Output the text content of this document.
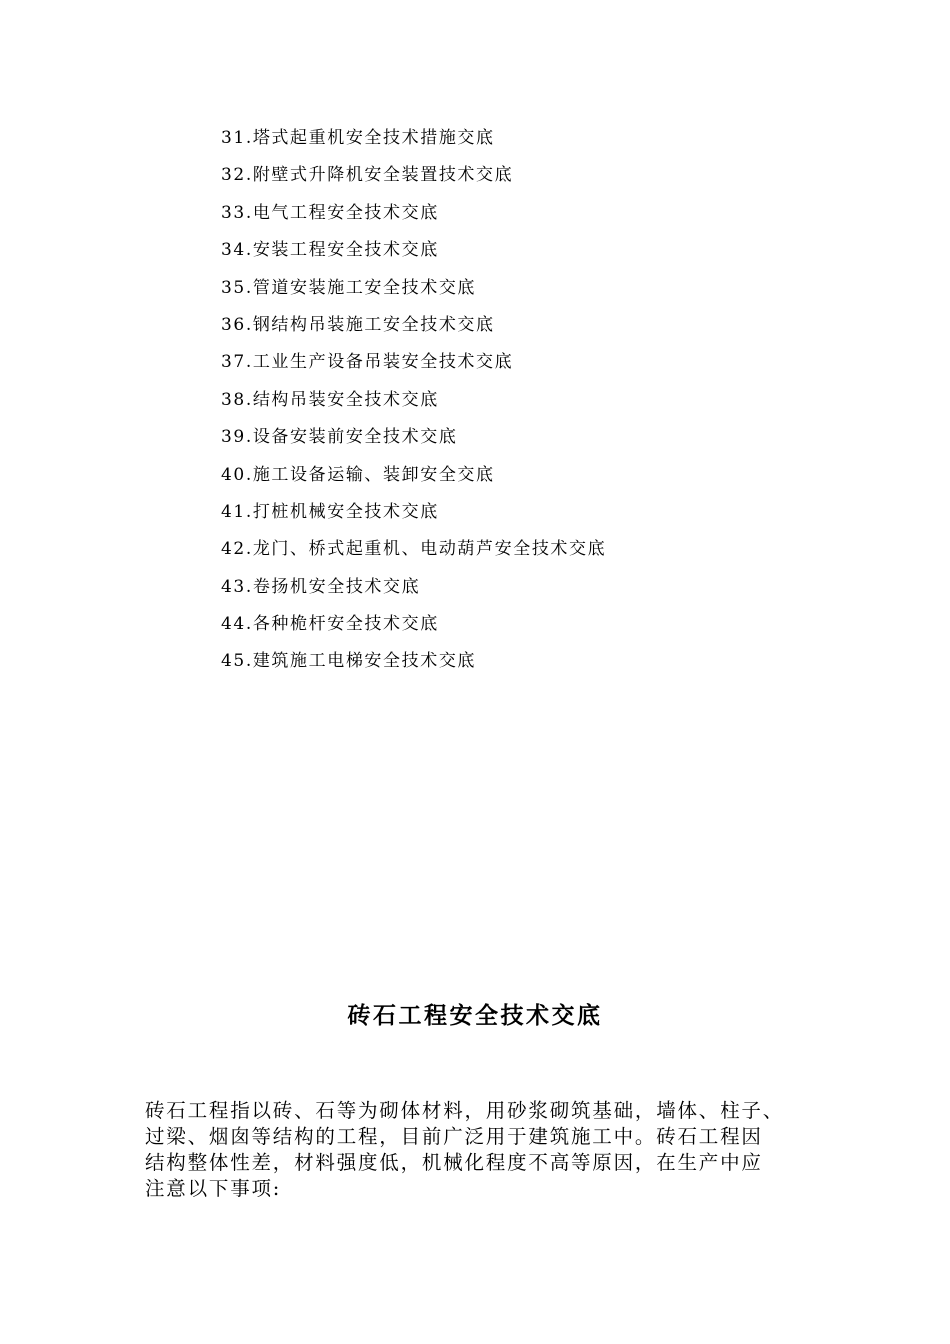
31.塔式起重机安全技术措施交底
32.附壁式升降机安全装置技术交底
33.电气工程安全技术交底
34.安装工程安全技术交底
35.管道安装施工安全技术交底
36.钢结构吊装施工安全技术交底
37.工业生产设备吊装安全技术交底
38.结构吊装安全技术交底
39.设备安装前安全技术交底
40.施工设备运输、装卸安全交底
41.打桩机械安全技术交底
42.龙门、桥式起重机、电动葫芦安全技术交底
43.卷扬机安全技术交底
44.各种桅杆安全技术交底
45.建筑施工电梯安全技术交底
砖石工程安全技术交底

砖石工程指以砖、石等为砌体材料，用砂浆砌筑基础，墙体、柱子、
过梁、烟囱等结构的工程，目前广泛用于建筑施工中。砖石工程因
结构整体性差，材料强度低，机械化程度不高等原因，在生产中应
注意以下事项:
